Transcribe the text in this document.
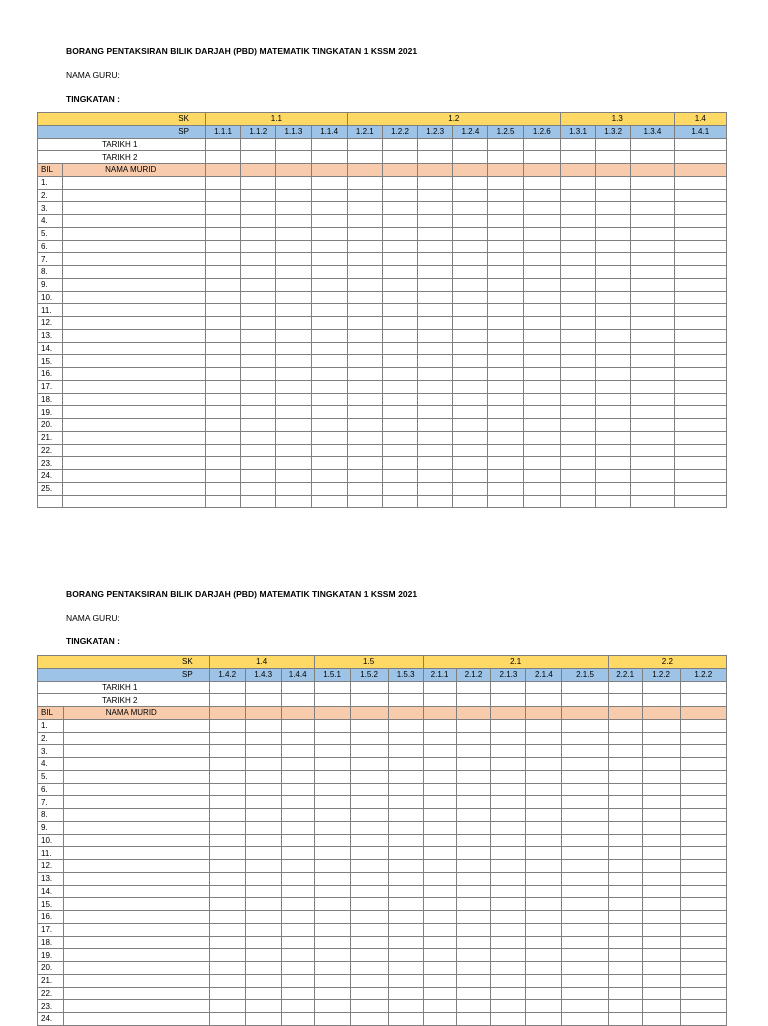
BORANG PENTAKSIRAN BILIK DARJAH (PBD) MATEMATIK TINGKATAN 1 KSSM 2021
NAMA GURU:
TINGKATAN :
SK		1.1				1.2						1.3			1.4
SP		1.1.1	1.1.2	1.1.3	1.1.4	1.2.1	1.2.2	1.2.3	1.2.4	1.2.5	1.2.6	1.3.1	1.3.2	1.3.4	1.4.1
TARIKH 1															
TARIKH 2															
BIL	NAMA MURID														
1.															
2.															
3.															
4.															
5.															
6.															
7.															
8.															
9.															
10.															
11.															
12.															
13.															
14.															
15.															
16.															
17.															
18.															
19.															
20.															
21.															
22.															
23.															
24.															
25.															

BORANG PENTAKSIRAN BILIK DARJAH (PBD) MATEMATIK TINGKATAN 1 KSSM 2021
NAMA GURU:
TINGKATAN :
SK		1.4			1.5			2.1					2.2		
SP		1.4.2	1.4.3	1.4.4	1.5.1	1.5.2	1.5.3	2.1.1	2.1.2	2.1.3	2.1.4	2.1.5	2.2.1	1.2.2	1.2.2
TARIKH 1															
TARIKH 2															
BIL	NAMA MURID														
1.															
2.															
3.															
4.															
5.															
6.															
7.															
8.															
9.															
10.															
11.															
12.															
13.															
14.															
15.															
16.															
17.															
18.															
19.															
20.															
21.															
22.															
23.															
24.															
